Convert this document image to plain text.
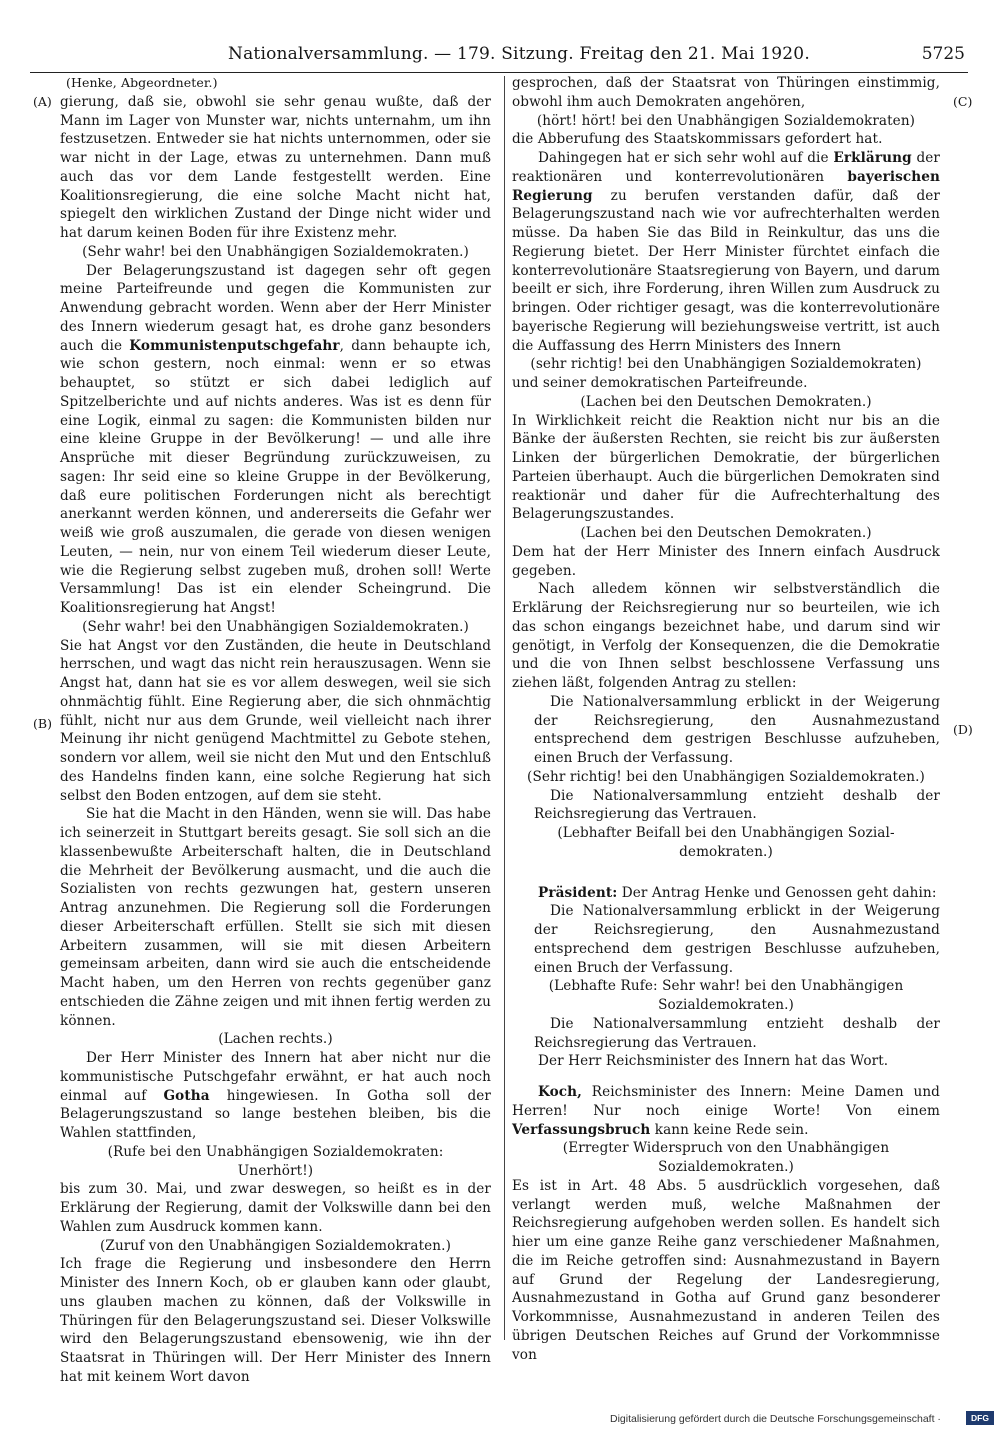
Nationalversammlung. — 179. Sitzung. Freitag den 21. Mai 1920.	5725
(A)
(B)
(C)
(D)

(Henke, Abgeordneter.)

gierung, daß sie, obwohl sie sehr genau wußte, daß der Mann im Lager von Munster war, nichts unternahm, um ihn festzusetzen. Entweder sie hat nichts unternommen, oder sie war nicht in der Lage, etwas zu unternehmen. Dann muß auch das vor dem Lande festgestellt werden. Eine Koalitionsregierung, die eine solche Macht nicht hat, spiegelt den wirklichen Zustand der Dinge nicht wider und hat darum keinen Boden für ihre Existenz mehr.

(Sehr wahr! bei den Unabhängigen Sozialdemokraten.)

Der Belagerungszustand ist dagegen sehr oft gegen meine Parteifreunde und gegen die Kommunisten zur Anwendung gebracht worden. Wenn aber der Herr Minister des Innern wiederum gesagt hat, es drohe ganz besonders auch die Kommunistenputschgefahr, dann behaupte ich, wie schon gestern, noch einmal: wenn er so etwas behauptet, so stützt er sich dabei lediglich auf Spitzelberichte und auf nichts anderes. Was ist es denn für eine Logik, einmal zu sagen: die Kommunisten bilden nur eine kleine Gruppe in der Bevölkerung! — und alle ihre Ansprüche mit dieser Begründung zurückzuweisen, zu sagen: Ihr seid eine so kleine Gruppe in der Bevölkerung, daß eure politischen Forderungen nicht als berechtigt anerkannt werden können, und andererseits die Gefahr wer weiß wie groß auszumalen, die gerade von diesen wenigen Leuten, — nein, nur von einem Teil wiederum dieser Leute, wie die Regierung selbst zugeben muß, drohen soll! Werte Versammlung! Das ist ein elender Scheingrund. Die Koalitionsregierung hat Angst!

(Sehr wahr! bei den Unabhängigen Sozialdemokraten.)

Sie hat Angst vor den Zuständen, die heute in Deutschland herrschen, und wagt das nicht rein herauszusagen. Wenn sie Angst hat, dann hat sie es vor allem deswegen, weil sie sich ohnmächtig fühlt. Eine Regierung aber, die sich ohnmächtig fühlt, nicht nur aus dem Grunde, weil vielleicht nach ihrer Meinung ihr nicht genügend Machtmittel zu Gebote stehen, sondern vor allem, weil sie nicht den Mut und den Entschluß des Handelns finden kann, eine solche Regierung hat sich selbst den Boden entzogen, auf dem sie steht.

Sie hat die Macht in den Händen, wenn sie will. Das habe ich seinerzeit in Stuttgart bereits gesagt. Sie soll sich an die klassenbewußte Arbeiterschaft halten, die in Deutschland die Mehrheit der Bevölkerung ausmacht, und die auch die Sozialisten von rechts gezwungen hat, gestern unseren Antrag anzunehmen. Die Regierung soll die Forderungen dieser Arbeiterschaft erfüllen. Stellt sie sich mit diesen Arbeitern zusammen, will sie mit diesen Arbeitern gemeinsam arbeiten, dann wird sie auch die entscheidende Macht haben, um den Herren von rechts gegenüber ganz entschieden die Zähne zeigen und mit ihnen fertig werden zu können.

(Lachen rechts.)

Der Herr Minister des Innern hat aber nicht nur die kommunistische Putschgefahr erwähnt, er hat auch noch einmal auf Gotha hingewiesen. In Gotha soll der Belagerungszustand so lange bestehen bleiben, bis die Wahlen stattfinden,

(Rufe bei den Unabhängigen Sozialdemokraten:

Unerhört!)

bis zum 30. Mai, und zwar deswegen, so heißt es in der Erklärung der Regierung, damit der Volkswille dann bei den Wahlen zum Ausdruck kommen kann.

(Zuruf von den Unabhängigen Sozialdemokraten.)

Ich frage die Regierung und insbesondere den Herrn Minister des Innern Koch, ob er glauben kann oder glaubt, uns glauben machen zu können, daß der Volkswille in Thüringen für den Belagerungszustand sei. Dieser Volkswille wird den Belagerungszustand ebensowenig, wie ihn der Staatsrat in Thüringen will. Der Herr Minister des Innern hat mit keinem Wort davon

gesprochen, daß der Staatsrat von Thüringen einstimmig, obwohl ihm auch Demokraten angehören,

(hört! hört! bei den Unabhängigen Sozialdemokraten)

die Abberufung des Staatskommissars gefordert hat.

Dahingegen hat er sich sehr wohl auf die Erklärung der reaktionären und konterrevolutionären bayerischen Regierung zu berufen verstanden dafür, daß der Belagerungszustand nach wie vor aufrechterhalten werden müsse. Da haben Sie das Bild in Reinkultur, das uns die Regierung bietet. Der Herr Minister fürchtet einfach die konterrevolutionäre Staatsregierung von Bayern, und darum beeilt er sich, ihre Forderung, ihren Willen zum Ausdruck zu bringen. Oder richtiger gesagt, was die konterrevolutionäre bayerische Regierung will beziehungsweise vertritt, ist auch die Auffassung des Herrn Ministers des Innern

(sehr richtig! bei den Unabhängigen Sozialdemokraten)

und seiner demokratischen Parteifreunde.

(Lachen bei den Deutschen Demokraten.)

In Wirklichkeit reicht die Reaktion nicht nur bis an die Bänke der äußersten Rechten, sie reicht bis zur äußersten Linken der bürgerlichen Demokratie, der bürgerlichen Parteien überhaupt. Auch die bürgerlichen Demokraten sind reaktionär und daher für die Aufrechterhaltung des Belagerungszustandes.

(Lachen bei den Deutschen Demokraten.)

Dem hat der Herr Minister des Innern einfach Ausdruck gegeben.

Nach alledem können wir selbstverständlich die Erklärung der Reichsregierung nur so beurteilen, wie ich das schon eingangs bezeichnet habe, und darum sind wir genötigt, in Verfolg der Konsequenzen, die die Demokratie und die von Ihnen selbst beschlossene Verfassung uns ziehen läßt, folgenden Antrag zu stellen:

Die Nationalversammlung erblickt in der Weigerung der Reichsregierung, den Ausnahmezustand entsprechend dem gestrigen Beschlusse aufzuheben, einen Bruch der Verfassung.

(Sehr richtig! bei den Unabhängigen Sozialdemokraten.)

Die Nationalversammlung entzieht deshalb der Reichsregierung das Vertrauen.

(Lebhafter Beifall bei den Unabhängigen Sozial-

demokraten.)

Präsident: Der Antrag Henke und Genossen geht dahin:

Die Nationalversammlung erblickt in der Weigerung der Reichsregierung, den Ausnahmezustand entsprechend dem gestrigen Beschlusse aufzuheben, einen Bruch der Verfassung.

(Lebhafte Rufe: Sehr wahr! bei den Unabhängigen Sozialdemokraten.)

Die Nationalversammlung entzieht deshalb der Reichsregierung das Vertrauen.

Der Herr Reichsminister des Innern hat das Wort.

Koch, Reichsminister des Innern: Meine Damen und Herren! Nur noch einige Worte! Von einem Verfassungsbruch kann keine Rede sein.

(Erregter Widerspruch von den Unabhängigen

Sozialdemokraten.)

Es ist in Art. 48 Abs. 5 ausdrücklich vorgesehen, daß verlangt werden muß, welche Maßnahmen der Reichsregierung aufgehoben werden sollen. Es handelt sich hier um eine ganze Reihe ganz verschiedener Maßnahmen, die im Reiche getroffen sind: Ausnahmezustand in Bayern auf Grund der Regelung der Landesregierung, Ausnahmezustand in Gotha auf Grund ganz besonderer Vorkommnisse, Ausnahmezustand in anderen Teilen des übrigen Deutschen Reiches auf Grund der Vorkommnisse von

Digitalisierung gefördert durch die Deutsche Forschungsgemeinschaft ·	DFG
